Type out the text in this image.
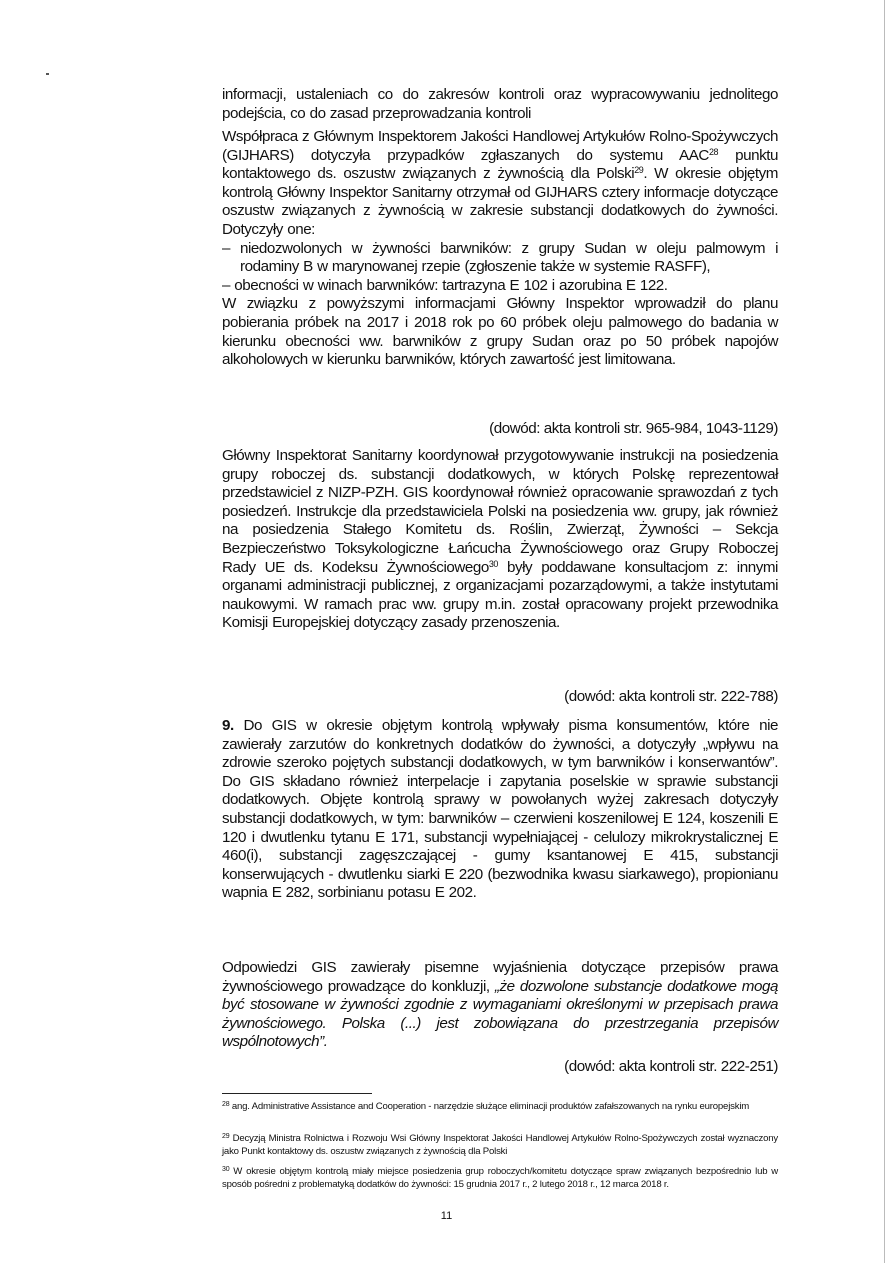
informacji, ustaleniach co do zakresów kontroli oraz wypracowywaniu jednolitego podejścia, co do zasad przeprowadzania kontroli
Współpraca z Głównym Inspektorem Jakości Handlowej Artykułów Rolno-Spożywczych (GIJHARS) dotyczyła przypadków zgłaszanych do systemu AAC$^{28}$ punktu kontaktowego ds. oszustw związanych z żywnością dla Polski$^{29}$. W okresie objętym kontrolą Główny Inspektor Sanitarny otrzymał od GIJHARS cztery informacje dotyczące oszustw związanych z żywnością w zakresie substancji dodatkowych do żywności. Dotyczyły one:
– niedozwolonych w żywności barwników: z grupy Sudan w oleju palmowym i rodaminy B w marynowanej rzepie (zgłoszenie także w systemie RASFF),
– obecności w winach barwników: tartrazyna E 102 i azorubina E 122.
W związku z powyższymi informacjami Główny Inspektor wprowadził do planu pobierania próbek na 2017 i 2018 rok po 60 próbek oleju palmowego do badania w kierunku obecności ww. barwników z grupy Sudan oraz po 50 próbek napojów alkoholowych w kierunku barwników, których zawartość jest limitowana.
(dowód: akta kontroli str. 965-984, 1043-1129)
Główny Inspektorat Sanitarny koordynował przygotowywanie instrukcji na posiedzenia grupy roboczej ds. substancji dodatkowych, w których Polskę reprezentował przedstawiciel z NIZP-PZH. GIS koordynował również opracowanie sprawozdań z tych posiedzeń. Instrukcje dla przedstawiciela Polski na posiedzenia ww. grupy, jak również na posiedzenia Stałego Komitetu ds. Roślin, Zwierząt, Żywności – Sekcja Bezpieczeństwo Toksykologiczne Łańcucha Żywnościowego oraz Grupy Roboczej Rady UE ds. Kodeksu Żywnościowego$^{30}$ były poddawane konsultacjom z: innymi organami administracji publicznej, z organizacjami pozarządowymi, a także instytutami naukowymi. W ramach prac ww. grupy m.in. został opracowany projekt przewodnika Komisji Europejskiej dotyczący zasady przenoszenia.
(dowód: akta kontroli str. 222-788)
9. Do GIS w okresie objętym kontrolą wpływały pisma konsumentów, które nie zawierały zarzutów do konkretnych dodatków do żywności, a dotyczyły „wpływu na zdrowie szeroko pojętych substancji dodatkowych, w tym barwników i konserwantów”. Do GIS składano również interpelacje i zapytania poselskie w sprawie substancji dodatkowych. Objęte kontrolą sprawy w powołanych wyżej zakresach dotyczyły substancji dodatkowych, w tym: barwników – czerwieni koszenilowej E 124, koszenili E 120 i dwutlenku tytanu E 171, substancji wypełniającej - celulozy mikrokrystalicznej E 460(i), substancji zagęszczającej - gumy ksantanowej E 415, substancji konserwujących - dwutlenku siarki E 220 (bezwodnika kwasu siarkawego), propionianu wapnia E 282, sorbinianu potasu E 202.
Odpowiedzi GIS zawierały pisemne wyjaśnienia dotyczące przepisów prawa żywnościowego prowadzące do konkluzji, „że dozwolone substancje dodatkowe mogą być stosowane w żywności zgodnie z wymaganiami określonymi w przepisach prawa żywnościowego. Polska (...) jest zobowiązana do przestrzegania przepisów wspólnotowych”.
(dowód: akta kontroli str. 222-251)
$^{28}$ ang. Administrative Assistance and Cooperation - narzędzie służące eliminacji produktów zafałszowanych na rynku europejskim
$^{29}$ Decyzją Ministra Rolnictwa i Rozwoju Wsi Główny Inspektorat Jakości Handlowej Artykułów Rolno-Spożywczych został wyznaczony jako Punkt kontaktowy ds. oszustw związanych z żywnością dla Polski
$^{30}$ W okresie objętym kontrolą miały miejsce posiedzenia grup roboczych/komitetu dotyczące spraw związanych bezpośrednio lub w sposób pośredni z problematyką dodatków do żywności: 15 grudnia 2017 r., 2 lutego 2018 r., 12 marca 2018 r.
11
